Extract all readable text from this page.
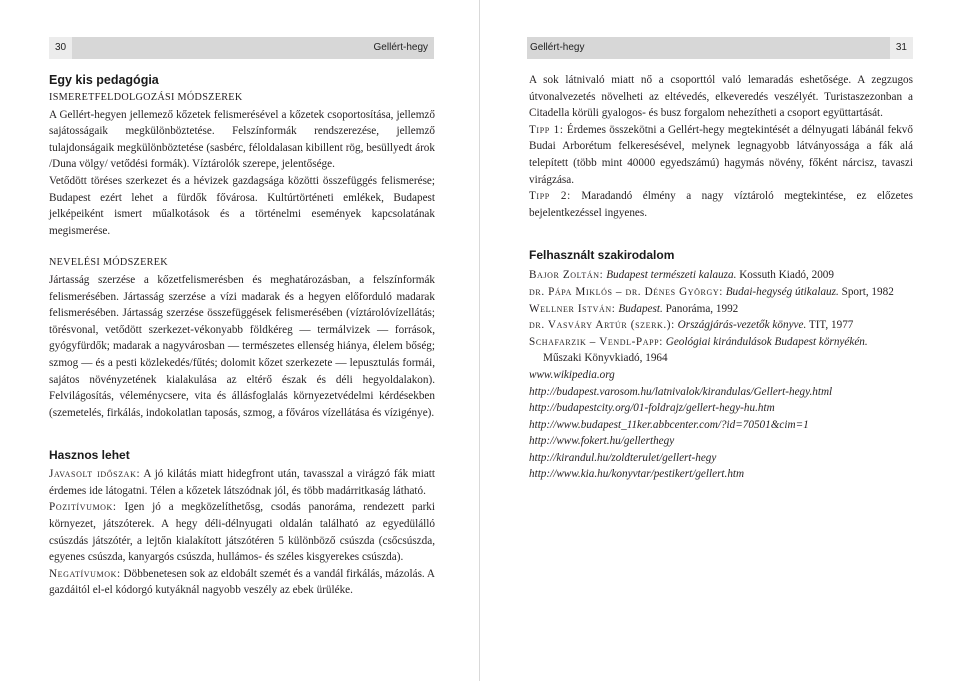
30	Gellért-hegy
Egy kis pedagógia
ISMERETFELDOLGOZÁSI MÓDSZEREK

A Gellért-hegyen jellemező kőzetek felismerésével a kőzetek csoportosítása, jellemző sajátosságaik megkülönböztetése. Felszínformák rendszerezése, jellemző tulajdonságaik megkülönböztetése (sasbérc, féloldalasan kibillent rög, besüllyedt árok /Duna völgy/ vetődési formák). Víztárolók szerepe, jelentősége.

Vetődött töréses szerkezet és a hévizek gazdagsága közötti összefüggés felismerése; Budapest ezért lehet a fürdők fővárosa. Kultúrtörténeti emlékek, Budapest jelképeiként ismert műalkotások és a történelmi események kapcsolatának megismerése.

NEVELÉSI MÓDSZEREK

Jártasság szerzése a kőzetfelismerésben és meghatározásban, a felszínformák felismerésében. Jártasság szerzése a vízi madarak és a hegyen előforduló madarak felismerésében. Jártasság szerzése összefüggések felismerésében (víztárolóvízellátás; törésvonal, vetődött szerkezet-vékonyabb földkéreg — termálvizek — források, gyógyfürdők; madarak a nagyvárosban — természetes ellenség hiánya, élelem bőség; szmog — és a pesti közlekedés/fűtés; dolomit kőzet szerkezete — lepusztulás formái, sajátos növényzetének kialakulása az eltérő észak és déli hegyoldalakon). Felvilágosítás, véleménycsere, vita és állásfoglalás környezetvédelmi kérdésekben (szemetelés, firkálás, indokolatlan taposás, szmog, a főváros vízellátása és vízigénye).

Hasznos lehet

Javasolt időszak: A jó kilátás miatt hidegfront után, tavasszal a virágzó fák miatt érdemes ide látogatni. Télen a kőzetek látszódnak jól, és több madárritkaság látható.

Pozitívumok: Igen jó a megközelíthetősg, csodás panoráma, rendezett parki környezet, játszóterek. A hegy déli-délnyugati oldalán található az egyedülálló csúszdás játszótér, a lejtőn kialakított játszótéren 5 különböző csúszda (csőcsúszda, egyenes csúszda, kanyargós csúszda, hullámos- és széles kisgyerekes csúszda).

Negatívumok: Döbbenetesen sok az eldobált szemét és a vandál firkálás, mázolás. A gazdáitól el-el kódorgó kutyáknál nagyobb veszély az ebek ürüléke.

Gellért-hegy	31

A sok látnivaló miatt nő a csoporttól való lemaradás eshetősége. A zegzugos útvonalvezetés növelheti az eltévedés, elkeveredés veszélyét. Turistaszezonban a Citadella körüli gyalogos- és busz forgalom nehezítheti a csoport együttartását.

Tipp 1: Érdemes összekötni a Gellért-hegy megtekintését a délnyugati lábánál fekvő Budai Arborétum felkeresésével, melynek legnagyobb látványossága a fák alá telepített (több mint 40000 egyedszámú) hagymás növény, főként nárcisz, tavaszi virágzása.

Tipp 2: Maradandó élmény a nagy víztároló megtekintése, ez előzetes bejelentkezéssel ingyenes.

Felhasznált szakirodalom

Bajor Zoltán: Budapest természeti kalauza. Kossuth Kiadó, 2009

dr. Pápa Miklós – dr. Dénes György: Budai-hegység útikalauz. Sport, 1982

Wellner István: Budapest. Panoráma, 1992

dr. Vasváry Artúr (szerk.): Országjárás-vezetők könyve. TIT, 1977

Schafarzik – Vendl-Papp: Geológiai kirándulások Budapest környékén.

Műszaki Könyvkiadó, 1964

www.wikipedia.org
http://budapest.varosom.hu/latnivalok/kirandulas/Gellert-hegy.html
http://budapestcity.org/01-foldrajz/gellert-hegy-hu.htm
http://www.budapest_11ker.abbcenter.com/?id=70501&cim=1
http://www.fokert.hu/gellerthegy
http://kirandul.hu/zoldterulet/gellert-hegy
http://www.kia.hu/konyvtar/pestikert/gellert.htm
